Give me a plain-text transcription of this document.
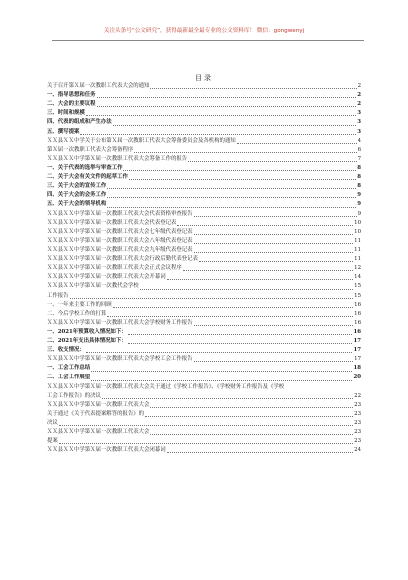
关注头条号“公文研究”，获得最新最全最专业的公文资料库！ 微信：gongwenyj
目录
关于召开第Ｘ届一次教职工代表大会的通知	2
一、指导思想和任务	2
二、大会的主要议程	2
三、时间和规模	3
四、代表的组成和产生办法	3
五、撰写提案	3
ＸＸ县ＸＸ中学关于公布第Ｘ届一次教职工代表大会筹备委员会及各机构的通知	4
第Ｘ届一次教职工代表大会筹备程序	6
ＸＸ县ＸＸ中学第Ｘ届一次教职工代表大会筹备工作的报告	7
一、关于代表的选举与审查工作	8
二、关于大会有关文件的起草工作	8
三、关于大会的宣传工作	8
四、关于大会的会务工作	9
五、关于大会的领导机构	9
ＸＸ县ＸＸ中学第Ｘ届一次教职工代表大会代表资格审查报告	9
ＸＸ县ＸＸ中学第Ｘ届一次教职工代表大会代表登记表	10
ＸＸ县ＸＸ中学第Ｘ届一次教职工代表大会七年级代表登记表	10
ＸＸ县ＸＸ中学第Ｘ届一次教职工代表大会八年级代表登记表	11
ＸＸ县ＸＸ中学第Ｘ届一次教职工代表大会九年级代表登记表	11
ＸＸ县ＸＸ中学第Ｘ届一次教职工代表大会行政后勤代表登记表	11
ＸＸ县ＸＸ中学第Ｘ届一次教职工代表大会正式会议程序	12
ＸＸ县ＸＸ中学第Ｘ届一次教职工代表大会开幕词	14
ＸＸ县ＸＸ中学第Ｘ届一次教代会学校	15
工作报告	15
一、一年来主要工作的回顾	16
二、今后学校工作的打算	16
ＸＸ县ＸＸ中学第Ｘ届一次教职工代表大会学校财务工作报告	16
一、2021年预算收入情况如下：	16
二、2021年支出具体情况如下：	17
三、收支情况：	17
ＸＸ县ＸＸ中学第Ｘ届一次教职工代表大会学校工会工作报告	17
一、工会工作总结	18
二、工会工作展望	20
ＸＸ县ＸＸ中学第Ｘ届一次教职工代表大会关于通过《学校工作报告》、《学校财务工作报告及《学校
工会工作报告》的决议	22
ＸＸ县ＸＸ中学第Ｘ届一次教职工代表大会	23
关于通过《关于代表提案解答的报告》的	23
决议	23
ＸＸ县ＸＸ中学第Ｘ届一次教职工代表大会	23
提案	23
ＸＸ县ＸＸ中学第Ｘ届一次教职工代表大会闭幕词	24
